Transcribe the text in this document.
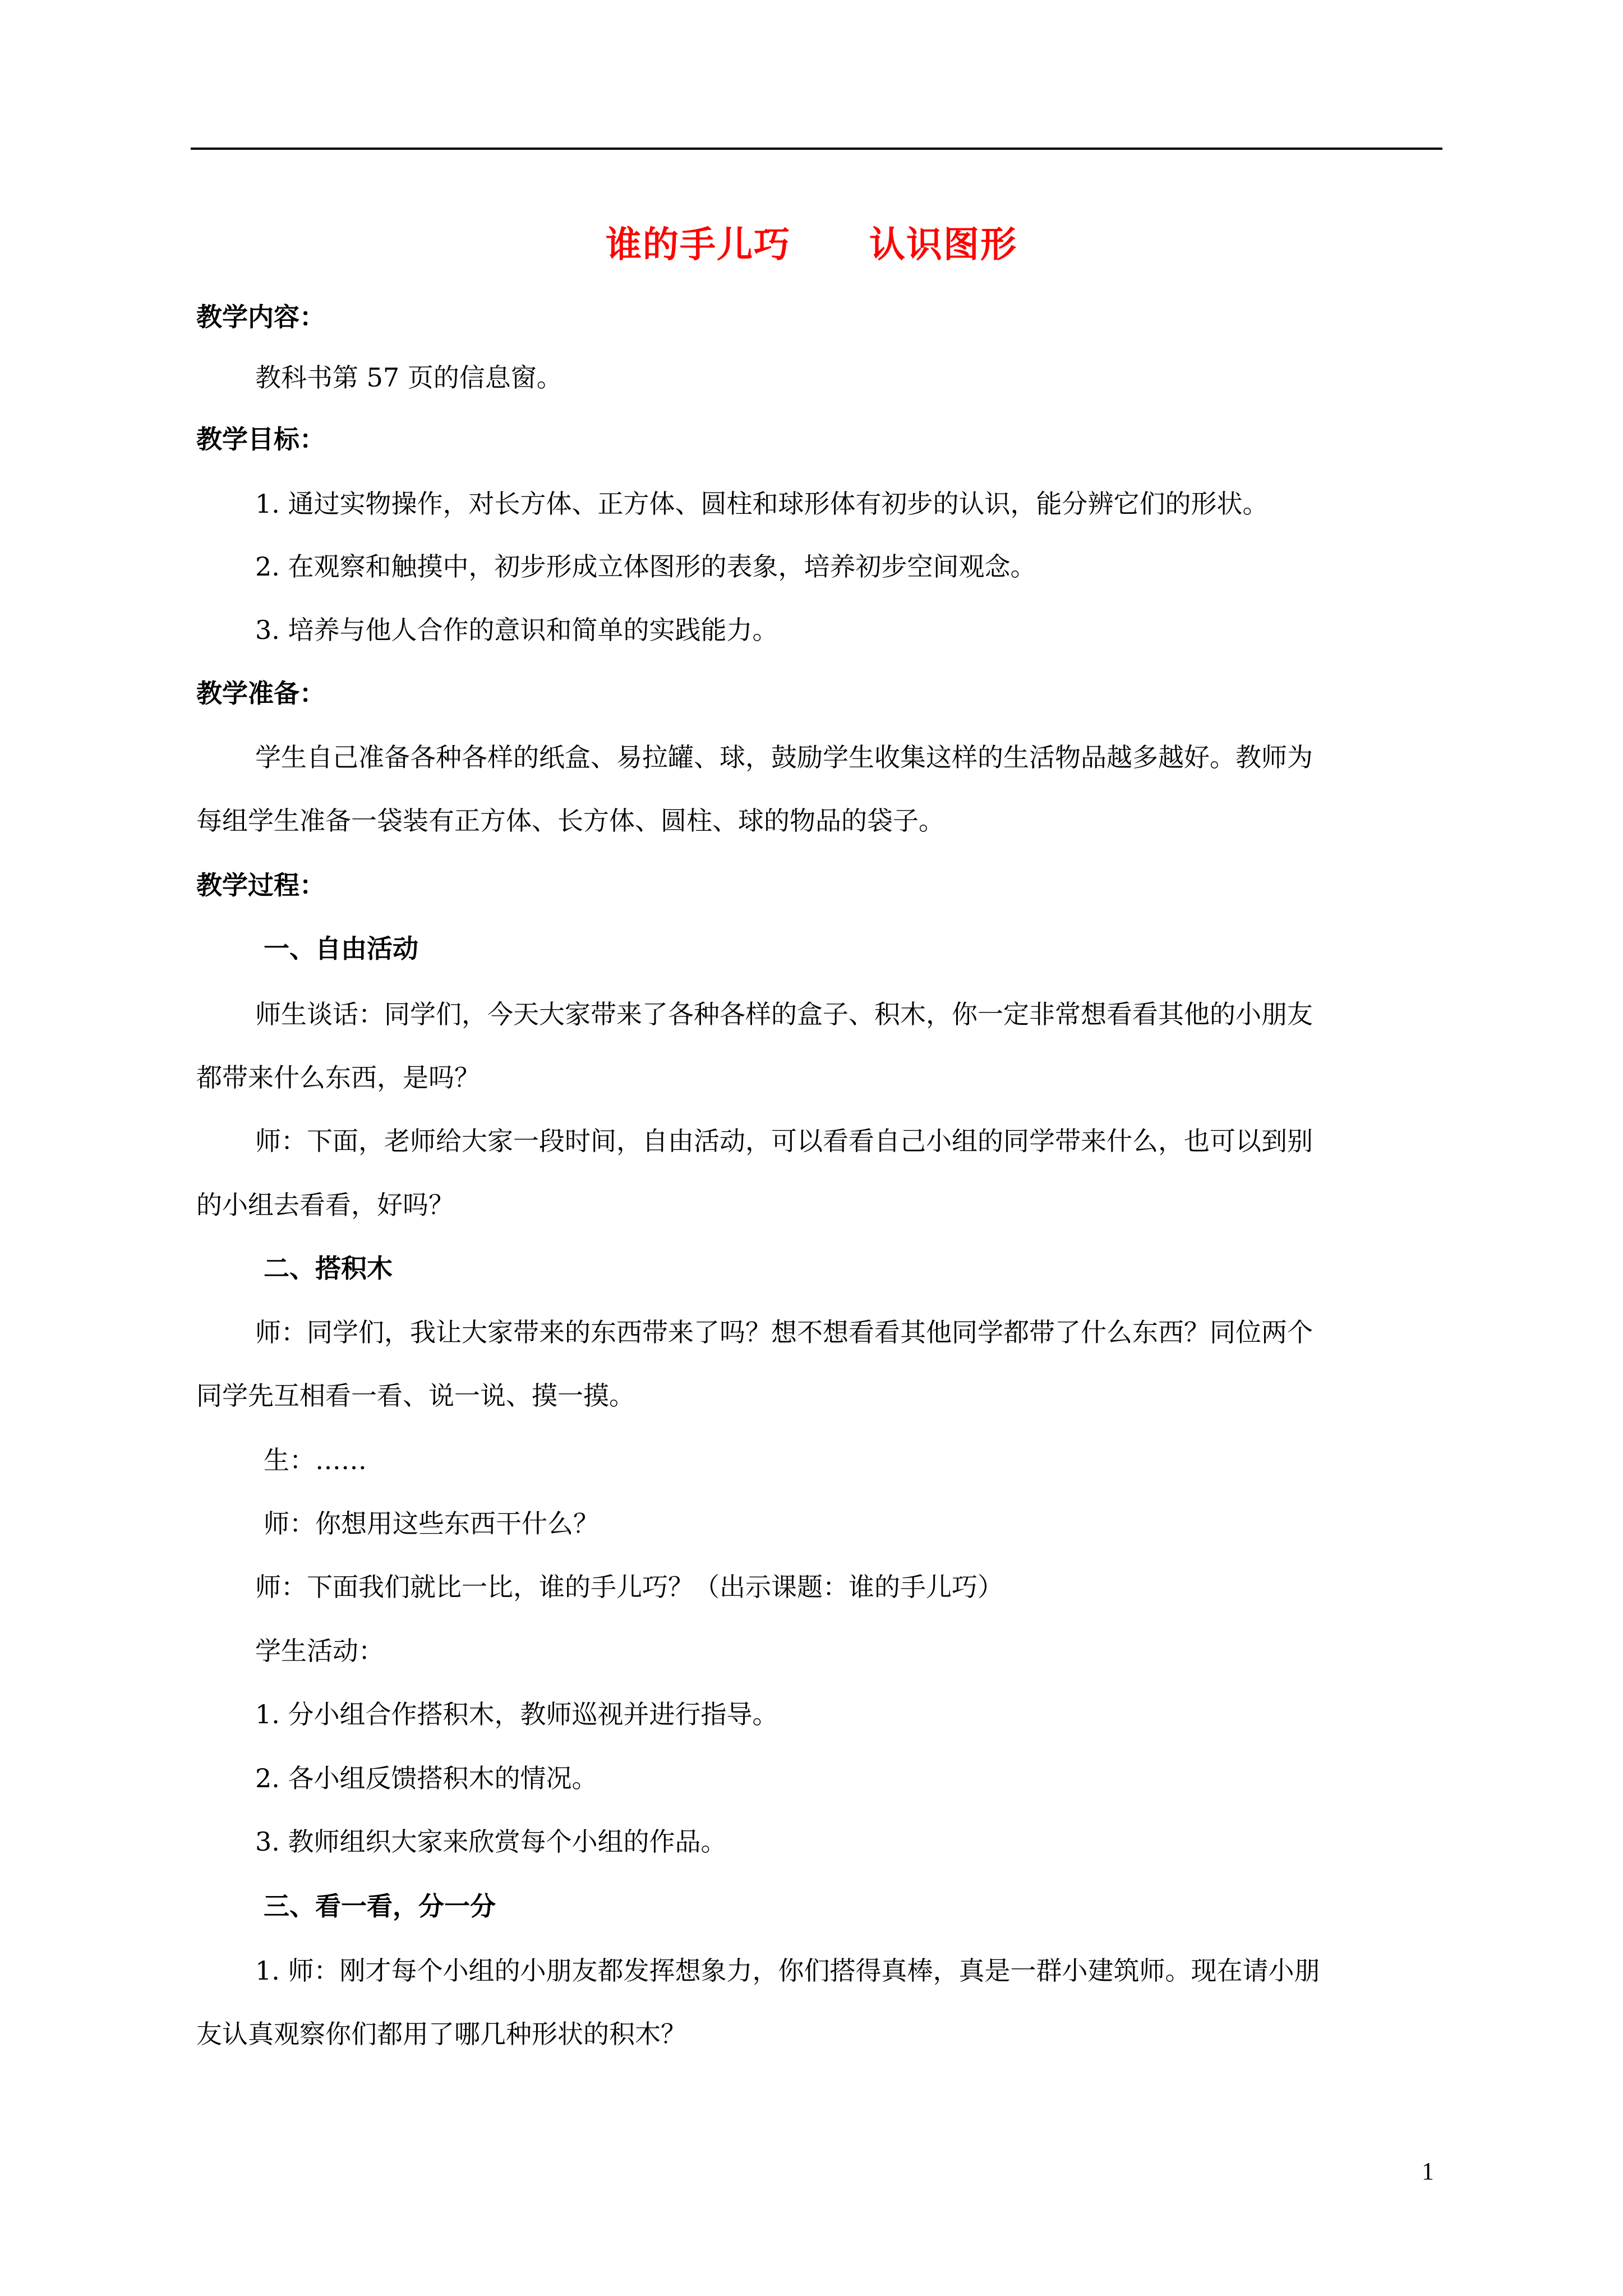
谁的手儿巧 认识图形
教学内容：
教科书第 57 页的信息窗。
教学目标：
1. 通过实物操作，对长方体、正方体、圆柱和球形体有初步的认识，能分辨它们的形状。
2. 在观察和触摸中，初步形成立体图形的表象，培养初步空间观念。
3. 培养与他人合作的意识和简单的实践能力。
教学准备：
学生自己准备各种各样的纸盒、易拉罐、球，鼓励学生收集这样的生活物品越多越好。教师为
每组学生准备一袋装有正方体、长方体、圆柱、球的物品的袋子。
教学过程：
一、自由活动
师生谈话：同学们，今天大家带来了各种各样的盒子、积木，你一定非常想看看其他的小朋友
都带来什么东西，是吗？
师：下面，老师给大家一段时间，自由活动，可以看看自己小组的同学带来什么，也可以到别
的小组去看看，好吗？
二、搭积木
师：同学们，我让大家带来的东西带来了吗？想不想看看其他同学都带了什么东西？同位两个
同学先互相看一看、说一说、摸一摸。
生：……
师：你想用这些东西干什么？
师：下面我们就比一比，谁的手儿巧？（出示课题：谁的手儿巧）
学生活动：
1. 分小组合作搭积木，教师巡视并进行指导。
2. 各小组反馈搭积木的情况。
3. 教师组织大家来欣赏每个小组的作品。
三、看一看，分一分
1. 师：刚才每个小组的小朋友都发挥想象力，你们搭得真棒，真是一群小建筑师。现在请小朋
友认真观察你们都用了哪几种形状的积木？
1
